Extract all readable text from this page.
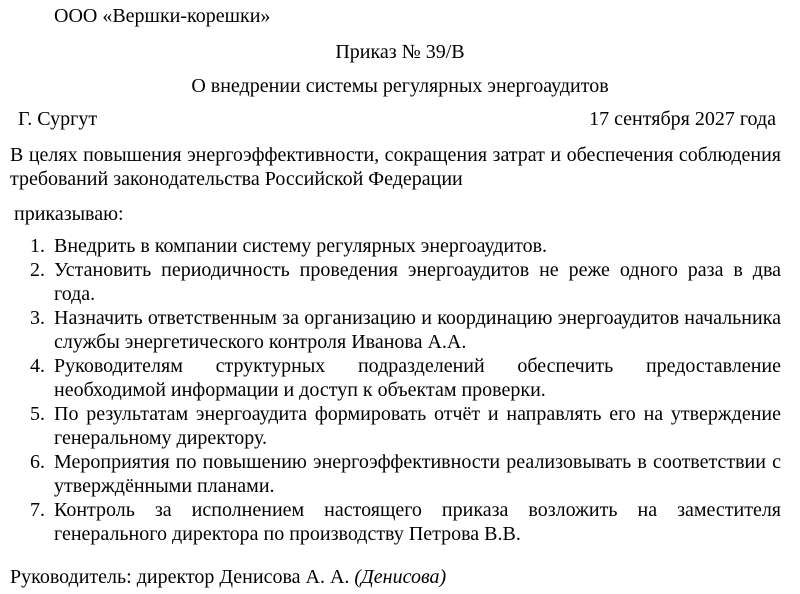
ООО «Вершки-корешки»
Приказ № 39/В
О внедрении системы регулярных энергоаудитов
Г. Сургут	17 сентября 2027 года
В целях повышения энергоэффективности, сокращения затрат и обеспечения соблюдения требований законодательства Российской Федерации
приказываю:
1. Внедрить в компании систему регулярных энергоаудитов.
2. Установить периодичность проведения энергоаудитов не реже одного раза в два года.
3. Назначить ответственным за организацию и координацию энергоаудитов начальника службы энергетического контроля Иванова А.А.
4. Руководителям структурных подразделений обеспечить предоставление необходимой информации и доступ к объектам проверки.
5. По результатам энергоаудита формировать отчёт и направлять его на утверждение генеральному директору.
6. Мероприятия по повышению энергоэффективности реализовывать в соответствии с утверждёнными планами.
7. Контроль за исполнением настоящего приказа возложить на заместителя генерального директора по производству Петрова В.В.
Руководитель: директор Денисова А. А. (Денисова)
